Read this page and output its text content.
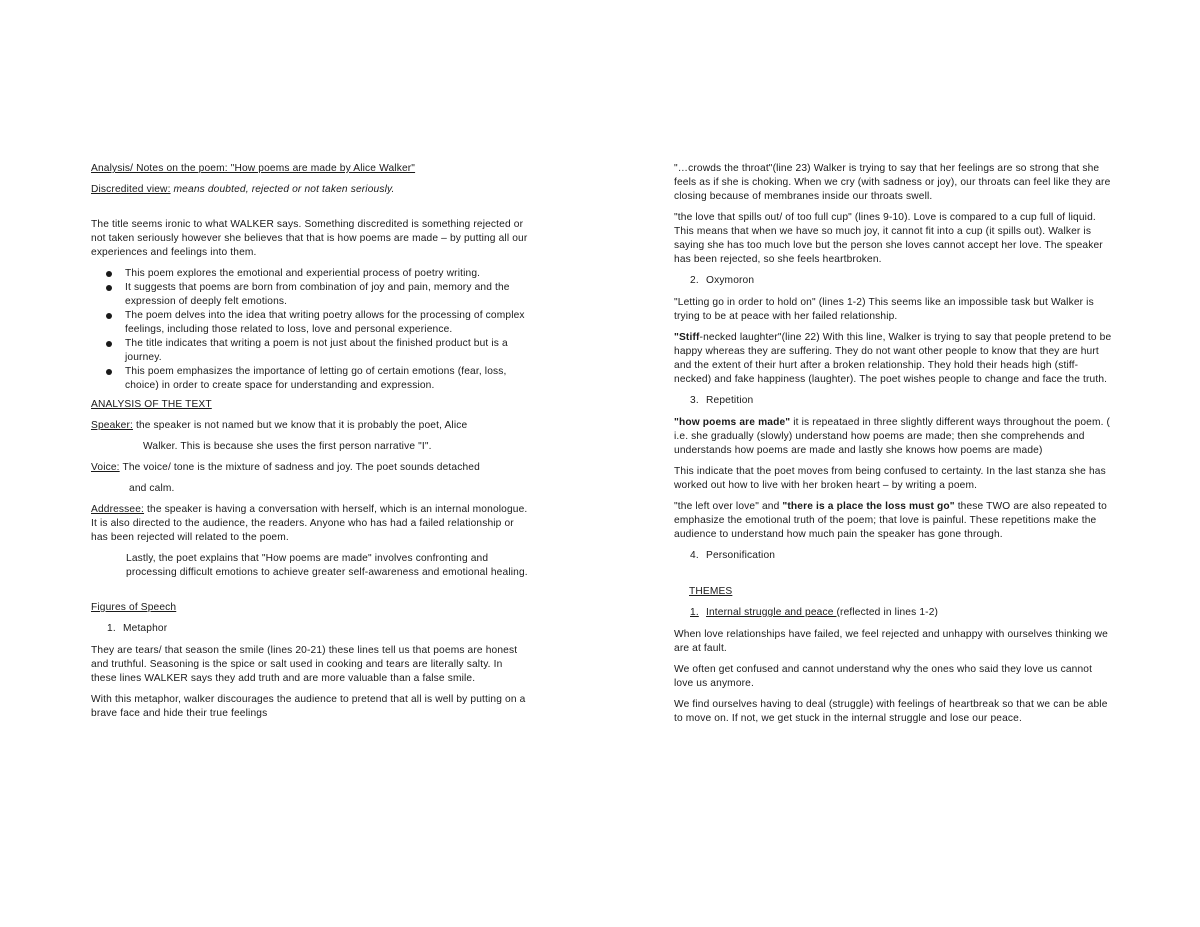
Analysis/ Notes on the poem: "How poems are made by Alice Walker"

Discredited view: means doubted, rejected or not taken seriously.

The title seems ironic to what WALKER says. Something discredited is something rejected or not taken seriously however she believes that that is how poems are made – by putting all our experiences and feelings into them.

This poem explores the emotional and experiential process of poetry writing.
It suggests that poems are born from combination of joy and pain, memory and the expression of deeply felt emotions.
The poem delves into the idea that writing poetry allows for the processing of complex feelings, including those related to loss, love and personal experience.
The title indicates that writing a poem is not just about the finished product but is a journey.
This poem emphasizes the importance of letting go of certain emotions (fear, loss, choice) in order to create space for understanding and expression.

ANALYSIS OF THE TEXT

Speaker: the speaker is not named but we know that it is probably the poet, Alice

Walker. This is because she uses the first person narrative "I".

Voice: The voice/ tone is the mixture of sadness and joy. The poet sounds detached

and calm.

Addressee: the speaker is having a conversation with herself, which is an internal monologue. It is also directed to the audience, the readers. Anyone who has had a failed relationship or has been rejected will related to the poem.

Lastly, the poet explains that "How poems are made" involves confronting and processing difficult emotions to achieve greater self-awareness and emotional healing.

Figures of Speech

1. Metaphor

They are tears/ that season the smile (lines 20-21) these lines tell us that poems are honest and truthful. Seasoning is the spice or salt used in cooking and tears are literally salty. In these lines WALKER says they add truth and are more valuable than a false smile.

With this metaphor, walker discourages the audience to pretend that all is well by putting on a brave face and hide their true feelings

"…crowds the throat"(line 23) Walker is trying to say that her feelings are so strong that she feels as if she is choking. When we cry (with sadness or joy), our throats can feel like they are closing because of membranes inside our throats swell.

"the love that spills out/ of too full cup" (lines 9-10). Love is compared to a cup full of liquid. This means that when we have so much joy, it cannot fit into a cup (it spills out). Walker is saying she has too much love but the person she loves cannot accept her love. The speaker has been rejected, so she feels heartbroken.

2. Oxymoron

"Letting go in order to hold on" (lines 1-2) This seems like an impossible task but Walker is trying to be at peace with her failed relationship.

"Stiff-necked laughter"(line 22) With this line, Walker is trying to say that people pretend to be happy whereas they are suffering. They do not want other people to know that they are hurt and the extent of their hurt after a broken relationship. They hold their heads high (stiff-necked) and fake happiness (laughter). The poet wishes people to change and face the truth.

3. Repetition

"how poems are made" it is repeataed in three slightly different ways throughout the poem. ( i.e. she gradually (slowly) understand how poems are made; then she comprehends and understands how poems are made and lastly she knows how poems are made)

This indicate that the poet moves from being confused to certainty. In the last stanza she has worked out how to live with her broken heart – by writing a poem.

"the left over love" and "there is a place the loss must go" these TWO are also repeated to emphasize the emotional truth of the poem; that love is painful. These repetitions make the audience to understand how much pain the speaker has gone through.

4. Personification

THEMES

1. Internal struggle and peace (reflected in lines 1-2)

When love relationships have failed, we feel rejected and unhappy with ourselves thinking we are at fault.

We often get confused and cannot understand why the ones who said they love us cannot love us anymore.

We find ourselves having to deal (struggle) with feelings of heartbreak so that we can be able to move on. If not, we get stuck in the internal struggle and lose our peace.
